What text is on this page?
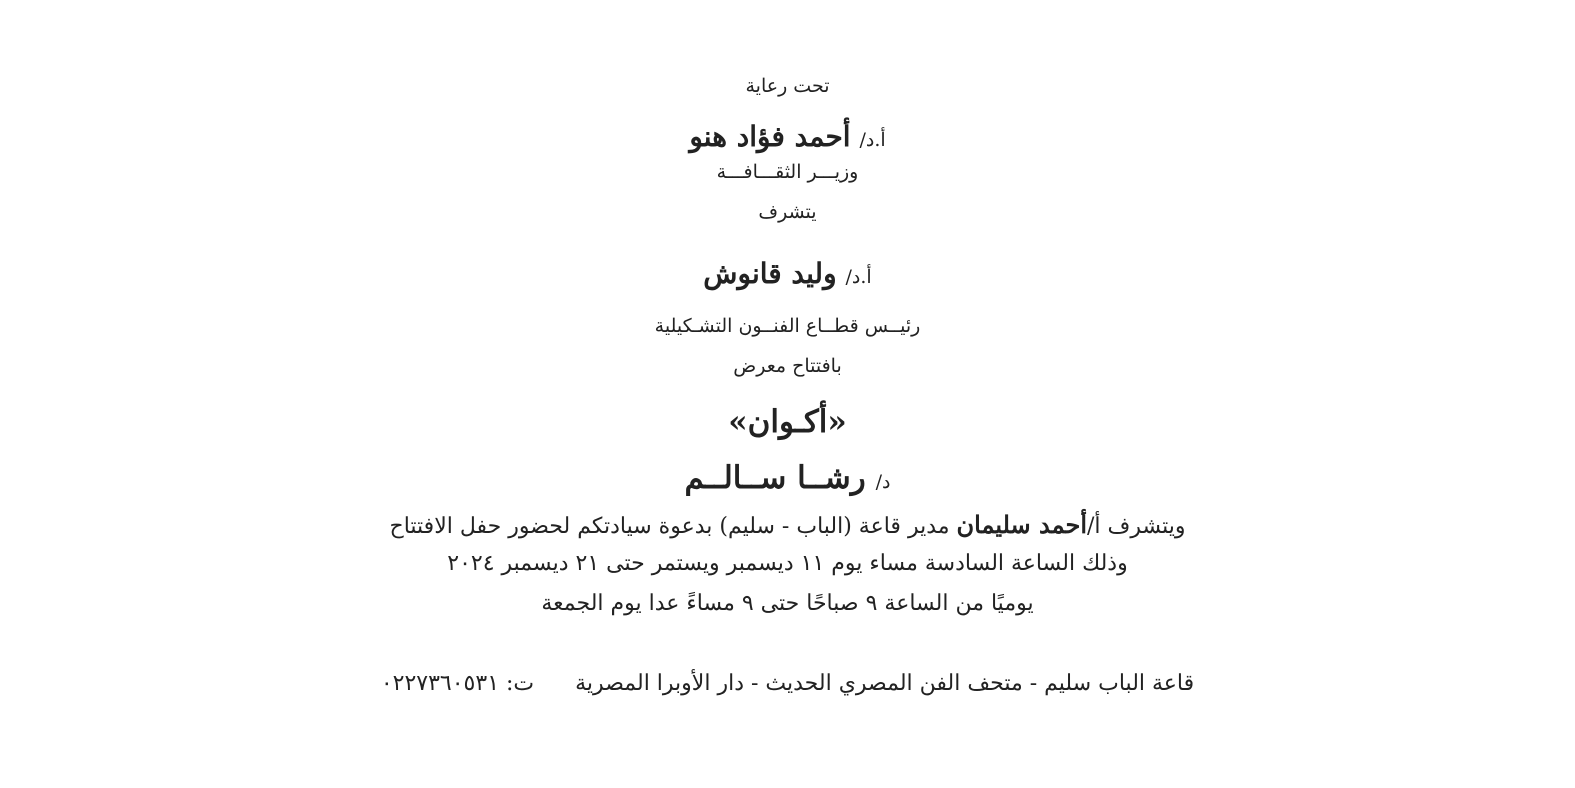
تحت رعاية
أ.د/ أحمد فؤاد هنو
وزيـــر الثقـــافـــة
يتشرف
أ.د/ وليد قانوش
رئيــس قطــاع الفنــون التشـكيلية
بافتتاح معرض
«أكـوان»
د/ رشــا ســالــم
ويتشرف أ/أحمد سليمان مدير قاعة (الباب - سليم) بدعوة سيادتكم لحضور حفل الافتتاح
وذلك الساعة السادسة مساء يوم ١١ ديسمبر ويستمر حتى ٢١ ديسمبر ٢٠٢٤
يوميًا من الساعة ٩ صباحًا حتى ٩ مساءً عدا يوم الجمعة
قاعة الباب سليم - متحف الفن المصري الحديث - دار الأوبرا المصرية ت: ٠٢٢٧٣٦٠٥٣١
